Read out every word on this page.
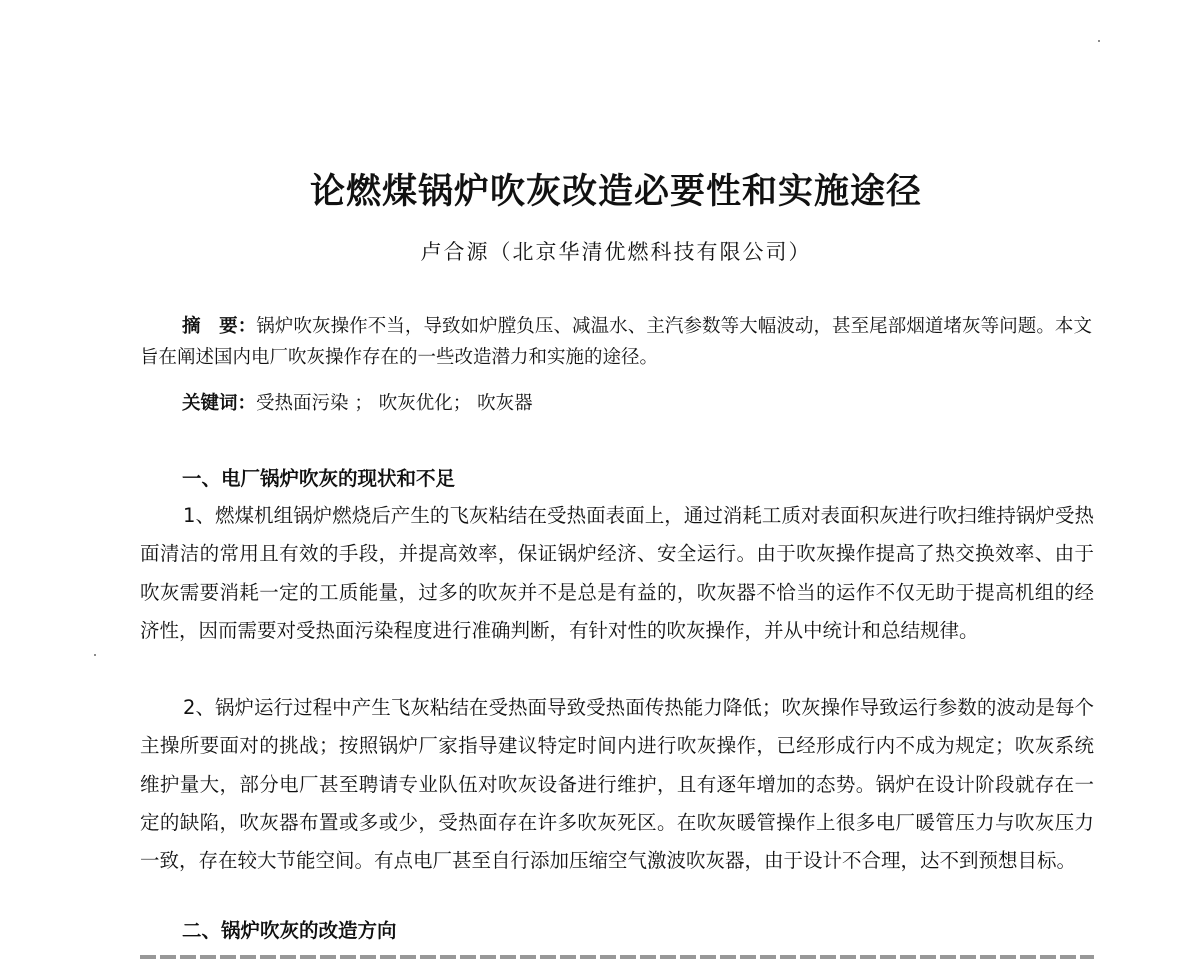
论燃煤锅炉吹灰改造必要性和实施途径
卢合源（北京华清优燃科技有限公司）

摘　要：锅炉吹灰操作不当，导致如炉膛负压、减温水、主汽参数等大幅波动，甚至尾部烟道堵灰等问题。本文旨在阐述国内电厂吹灰操作存在的一些改造潜力和实施的途径。

关键词：受热面污染 ； 吹灰优化； 吹灰器

一、电厂锅炉吹灰的现状和不足

1、燃煤机组锅炉燃烧后产生的飞灰粘结在受热面表面上，通过消耗工质对表面积灰进行吹扫维持锅炉受热面清洁的常用且有效的手段，并提高效率，保证锅炉经济、安全运行。由于吹灰操作提高了热交换效率、由于吹灰需要消耗一定的工质能量，过多的吹灰并不是总是有益的，吹灰器不恰当的运作不仅无助于提高机组的经济性，因而需要对受热面污染程度进行准确判断，有针对性的吹灰操作，并从中统计和总结规律。

2、锅炉运行过程中产生飞灰粘结在受热面导致受热面传热能力降低；吹灰操作导致运行参数的波动是每个主操所要面对的挑战；按照锅炉厂家指导建议特定时间内进行吹灰操作，已经形成行内不成为规定；吹灰系统维护量大，部分电厂甚至聘请专业队伍对吹灰设备进行维护，且有逐年增加的态势。锅炉在设计阶段就存在一定的缺陷，吹灰器布置或多或少，受热面存在许多吹灰死区。在吹灰暖管操作上很多电厂暖管压力与吹灰压力一致，存在较大节能空间。有点电厂甚至自行添加压缩空气激波吹灰器，由于设计不合理，达不到预想目标。

二、锅炉吹灰的改造方向
